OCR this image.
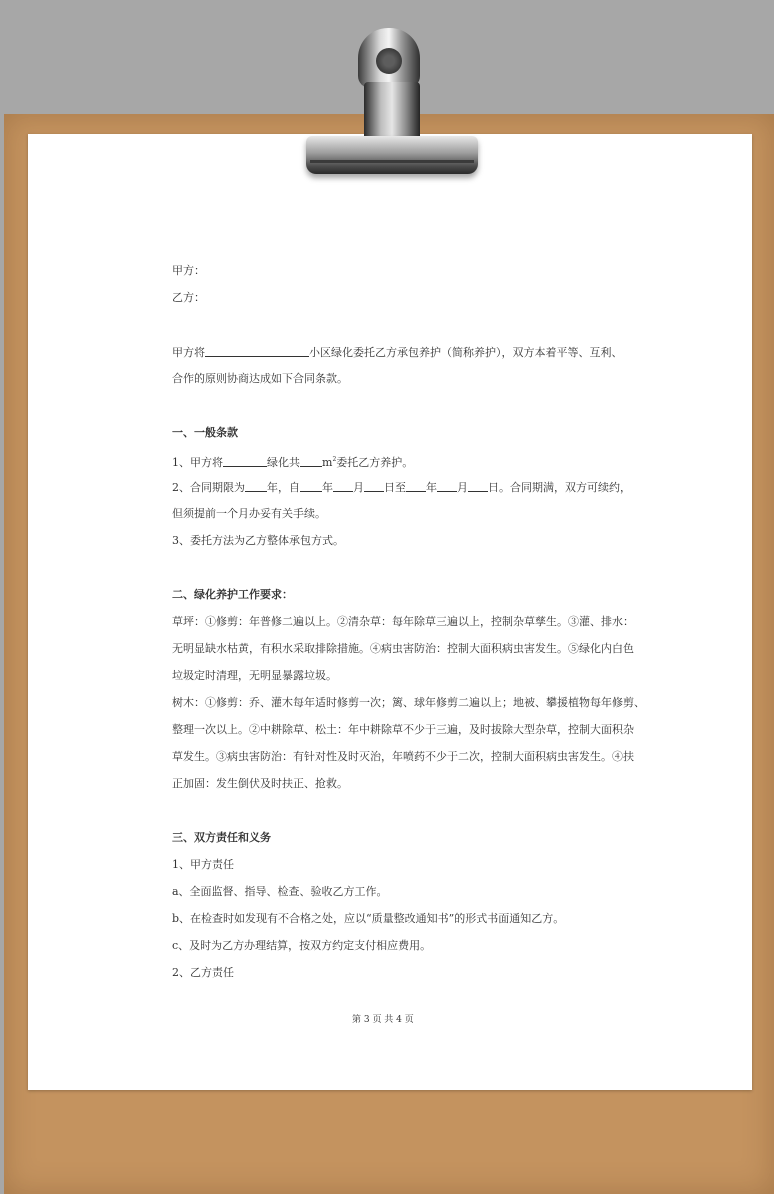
甲方：
乙方：
甲方将	小区绿化委托乙方承包养护（简称养护），双方本着平等、互利、
合作的原则协商达成如下合同条款。
一、一般条款
1、甲方将	绿化共 $m^2$委托乙方养护。
2、合同期限为 年，自 年 月 日至 年 月 日。合同期满，双方可续约，
但须提前一个月办妥有关手续。
3、委托方法为乙方整体承包方式。
二、绿化养护工作要求：
草坪：①修剪：年普修二遍以上。②清杂草：每年除草三遍以上，控制杂草孳生。③灌、排水：
无明显缺水枯黄，有积水采取排除措施。④病虫害防治：控制大面积病虫害发生。⑤绿化内白色
垃圾定时清理，无明显暴露垃圾。
树木：①修剪：乔、灌木每年适时修剪一次；篱、球年修剪二遍以上；地被、攀援植物每年修剪、
整理一次以上。②中耕除草、松土：年中耕除草不少于三遍，及时拔除大型杂草，控制大面积杂
草发生。③病虫害防治：有针对性及时灭治，年喷药不少于二次，控制大面积病虫害发生。④扶
正加固：发生倒伏及时扶正、抢救。
三、双方责任和义务
1、甲方责任
a、全面监督、指导、检查、验收乙方工作。
b、在检查时如发现有不合格之处，应以“质量整改通知书”的形式书面通知乙方。
c、及时为乙方办理结算，按双方约定支付相应费用。
2、乙方责任
第 3 页 共 4 页
